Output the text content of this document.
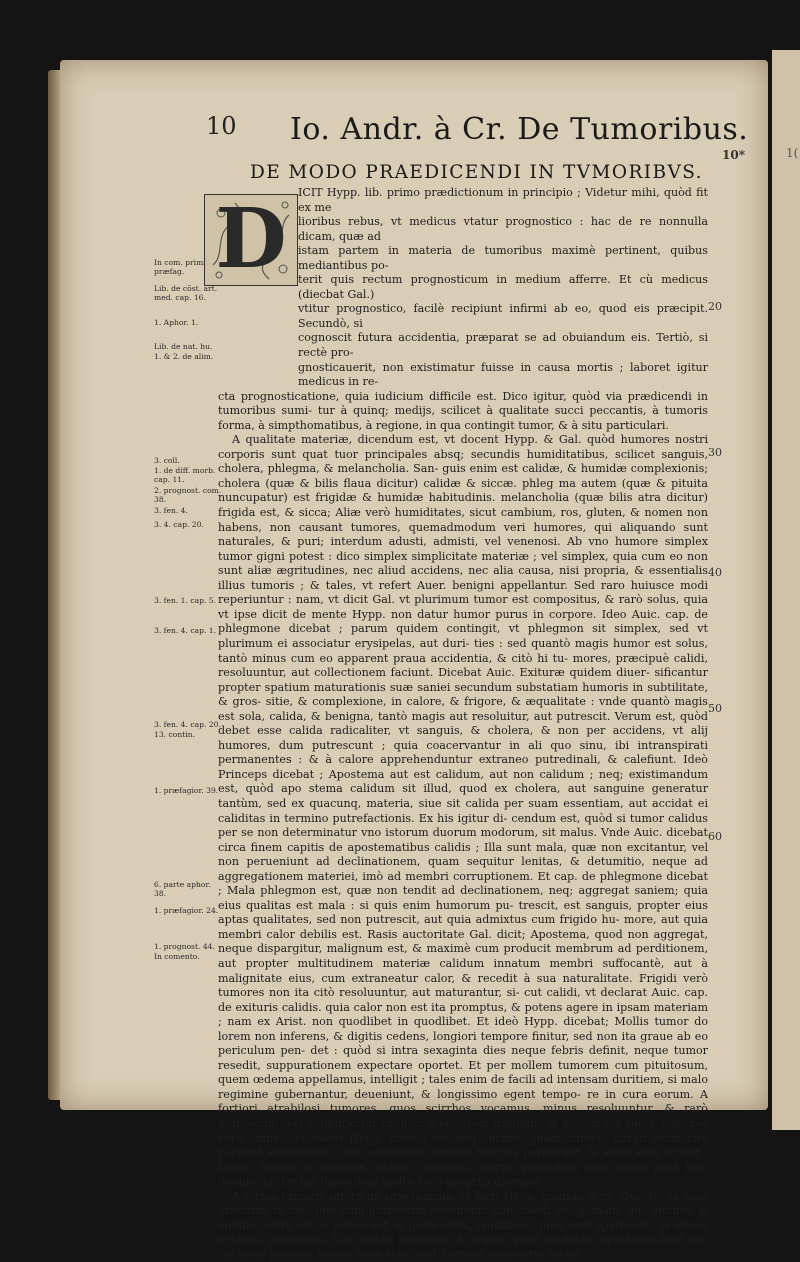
1(
10 Io. Andr. à Cr. De Tumoribus.
10*
DE MODO PRAEDICENDI IN TVMORIBVS.
D	ICIT Hypp. lib. primo prædictionum in principio ; Videtur mihi, quòd fit ex me

lioribus rebus, vt medicus vtatur prognostico : hac de re nonnulla dicam, quæ ad

istam partem in materia de tumoribus maximè pertinent, quibus mediantibus po-

terit quis rectum prognosticum in medium afferre. Et cù medicus (diecbat Gal.)

vtitur prognostico, facilè recipiunt infirmi ab eo, quod eis præcipit. Secundò, si

cognoscit futura accidentia, præparat se ad obuiandum eis. Tertiò, si rectè pro-

gnosticauerit, non existimatur fuisse in causa mortis ; laboret igitur medicus in re-

cta prognosticatione, quia iudicium difficile est. Dico igitur, quòd via prædicendi in tumoribus sumi- tur à quinq; medijs, scilicet à qualitate succi peccantis, à tumoris forma, à simpthomatibus, à regione, in qua contingit tumor, & à situ particulari.

A qualitate materiæ, dicendum est, vt docent Hypp. & Gal. quòd humores nostri corporis sunt quat tuor principales absq; secundis humiditatibus, scilicet sanguis, cholera, phlegma, & melancholia. San- guis enim est calidæ, & humidæ complexionis; cholera (quæ & bilis flaua dicitur) calidæ & siccæ. phleg ma autem (quæ & pituita nuncupatur) est frigidæ & humidæ habitudinis. melancholia (quæ bilis atra dicitur) frigida est, & sicca; Aliæ verò humiditates, sicut cambium, ros, gluten, & nomen non habens, non causant tumores, quemadmodum veri humores, qui aliquando sunt naturales, & puri; interdum adusti, admisti, vel venenosi. Ab vno humore simplex tumor gigni potest : dico simplex simplicitate materiæ ; vel simplex, quia cum eo non sunt aliæ ægritudines, nec aliud accidens, nec alia causa, nisi propria, & essentialis illius tumoris ; & tales, vt refert Auer. benigni appellantur. Sed raro huiusce modi reperiuntur : nam, vt dicit Gal. vt plurimum tumor est compositus, & rarò solus, quia vt ipse dicit de mente Hypp. non datur humor purus in corpore. Ideo Auic. cap. de phlegmone dicebat ; parum quidem contingit, vt phlegmon sit simplex, sed vt plurimum ei associatur erysipelas, aut duri- ties : sed quantò magis humor est solus, tantò minus cum eo apparent praua accidentia, & citò hi tu- mores, præcipuè calidi, resoluuntur, aut collectionem faciunt. Dicebat Auic. Exituræ quidem diuer- sificantur propter spatium maturationis suæ saniei secundum substatiam humoris in subtilitate, & gros- sitie, & complexione, in calore, & frigore, & æqualitate : vnde quantò magis est sola, calida, & benigna, tantò magis aut resoluitur, aut putrescit. Verum est, quòd debet esse calida radicaliter, vt sanguis, & cholera, & non per accidens, vt alij humores, dum putrescunt ; quia coacervantur in ali quo sinu, ibi intranspirati permanentes : & à calore apprehenduntur extraneo putredinali, & calefiunt. Ideò Princeps dicebat ; Apostema aut est calidum, aut non calidum ; neq; existimandum est, quòd apo stema calidum sit illud, quod ex cholera, aut sanguine generatur tantùm, sed ex quacunq, materia, siue sit calida per suam essentiam, aut accidat ei caliditas in termino putrefactionis. Ex his igitur di- cendum est, quòd si tumor calidus per se non determinatur vno istorum duorum modorum, sit malus. Vnde Auic. dicebat circa finem capitis de apostematibus calidis ; Illa sunt mala, quæ non excitantur, vel non perueniunt ad declinationem, quam sequitur lenitas, & detumitio, neque ad aggregationem materiei, imò ad membri corruptionem. Et cap. de phlegmone dicebat ; Mala phlegmon est, quæ non tendit ad declinationem, neq; aggregat saniem; quia eius qualitas est mala : si quis enim humorum pu- trescit, est sanguis, propter eius aptas qualitates, sed non putrescit, aut quia admixtus cum frigido hu- more, aut quia membri calor debilis est. Rasis auctoritate Gal. dicit; Apostema, quod non aggregat, neque dispargitur, malignum est, & maximè cum producit membrum ad perditionem, aut propter multitudinem materiæ calidum innatum membri suffocantè, aut à malignitate eius, cum extraneatur calor, & recedit à sua naturalitate. Frigidi verò tumores non ita citò resoluuntur, aut maturantur, si- cut calidi, vt declarat Auic. cap. de exituris calidis. quia calor non est ita promptus, & potens agere in ipsam materiam ; nam ex Arist. non quodlibet in quodlibet. Et ideò Hypp. dicebat; Mollis tumor do lorem non inferens, & digitis cedens, longiori tempore finitur, sed non ita graue ab eo periculum pen- det : quòd si intra sexaginta dies neque febris definit, neque tumor resedit, suppurationem expectare oportet. Et per mollem tumorem cum pituitosum, quem œdema appellamus, intelligit ; tales enim de facili ad intensam duritiem, si malo regimine gubernantur, deueniunt, & longissimo egent tempo- re in cura eorum. A fortiori atrabilosi tumores, quos scirrhos vocamus, minus resoluuntur, & rarò putrescunt, vel suppurantur propter qualitatem frigidam, & siccam sui succi. Cancros verò omnes, vt docet Hypp. melius est non curare, quam curare; curati enim citò pereunt ægrotantes, non curati verò longius tempus perdurant, & idem alibi scribit : Durus tumor, & magnus, dolore crucians, mortis periculum non multò post fore denunciat. De his tumoribus multa locis proprijs dicemus.

A forma tumoris interdum prædicimus, vt facit Hypp. quando dicit, Oportet te esse attentum in his, quæ cum putruerint secundum huiusmodi disciplinam, quò eminet, & omnino extra est, & minus est, & peracutum, laudabile; quod verò spatiosum, & minus acutum, pessimum. Gal. reddit rationem, & inquit, quòd laudabile apostema illud est, cui inest pinealis figura, quia significat fortitudinem virtu- tis ad

In com. primi præfag.
Lib. de cõst. art. med. cap. 16.
1. Aphor. 1.
Lib. de nat. hu.
1. & 2. de alim.
3. coll.
1. de diff. morb. cap. 11.
2. prognost. com. 38.
3. fen. 4.
3. 4. cap. 20.
3. fen. 1. cap. 5.
3. fen. 4. cap. 1.
3. fen. 4. cap. 20.
13. contin.
1. præfagior. 39.
6. parte aphor. 38.
1. præfagior. 24.
1. prognost. 44.
In comento.
20
30
40
50
60
